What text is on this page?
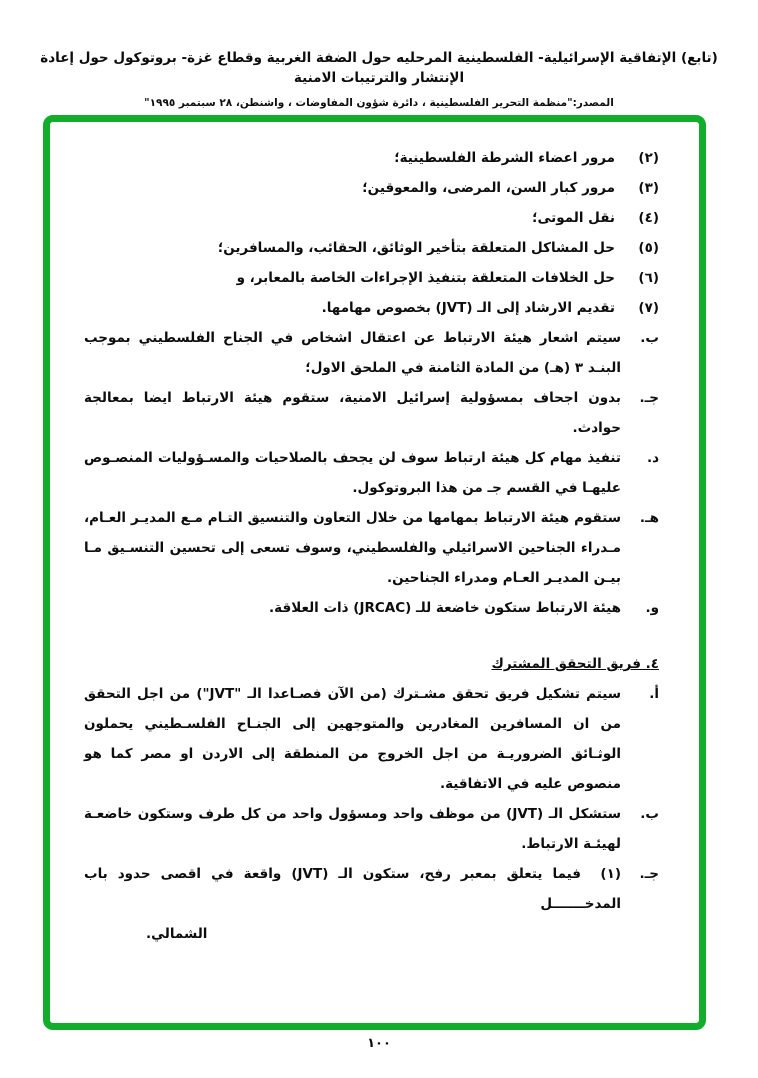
(تابع) الإتفاقية الإسرائيلية- الفلسطينية المرحليه حول الضفة الغربية وقطاع غزة- بروتوكول حول إعادة الإنتشار والترتيبات الامنية
المصدر:"منظمة التحرير الفلسطينية ، دائرة شؤون المفاوضات ، واشنطن، ٢٨ سبتمبر ١٩٩٥"
(٢)مرور اعضاء الشرطة الفلسطينية؛
(٣)مرور كبار السن، المرضى، والمعوقين؛
(٤)نقل الموتى؛
(٥)حل المشاكل المتعلقة بتأخير الوثائق، الحقائب، والمسافرين؛
(٦)حل الخلافات المتعلقة بتنفيذ الإجراءات الخاصة بالمعابر، و
(٧)تقديم الارشاد إلى الـ (JVT) بخصوص مهامها.
ب.سيتم اشعار هيئة الارتباط عن اعتقال اشخاص في الجناح الفلسطيني بموجب البنـد ٣ (هـ) من المادة الثامنة في الملحق الاول؛
جـ.بدون اجحاف بمسؤولية إسرائيل الامنية، ستقوم هيئة الارتباط ايضا بمعالجة حوادث.
د.تنفيذ مهام كل هيئة ارتباط سوف لن يجحف بالصلاحيات والمسـؤوليات المنصـوص عليهـا في القسم جـ من هذا البروتوكول.
هـ.ستقوم هيئة الارتباط بمهامها من خلال التعاون والتنسيق التـام مـع المديـر العـام، مـدراء الجناحين الاسرائيلي والفلسطيني، وسوف تسعى إلى تحسين التنسـيق مـا بيـن المديـر العـام ومدراء الجناحين.
و.هيئة الارتباط ستكون خاضعة للـ (JRCAC) ذات العلاقة.
٤. فريق التحقق المشترك
أ.سيتم تشكيل فريق تحقق مشـترك (من الآن فصـاعدا الـ "JVT") من اجل التحقق من ان المسافرين المغادرين والمتوجهين إلى الجنـاح الفلسـطيني يحملون الوثـائق الضروريـة من اجل الخروج من المنطقة إلى الاردن او مصر كما هو منصوص عليه في الاتفاقية.
ب.ستشكل الـ (JVT) من موظف واحد ومسؤول واحد من كل طرف وستكون خاضعـة لهيئـة الارتباط.
جـ.(١)فيما يتعلق بمعبر رفح، ستكون الـ (JVT) واقعة في اقصى حدود باب المدخـــــــل
الشمالي.
١٠٠
